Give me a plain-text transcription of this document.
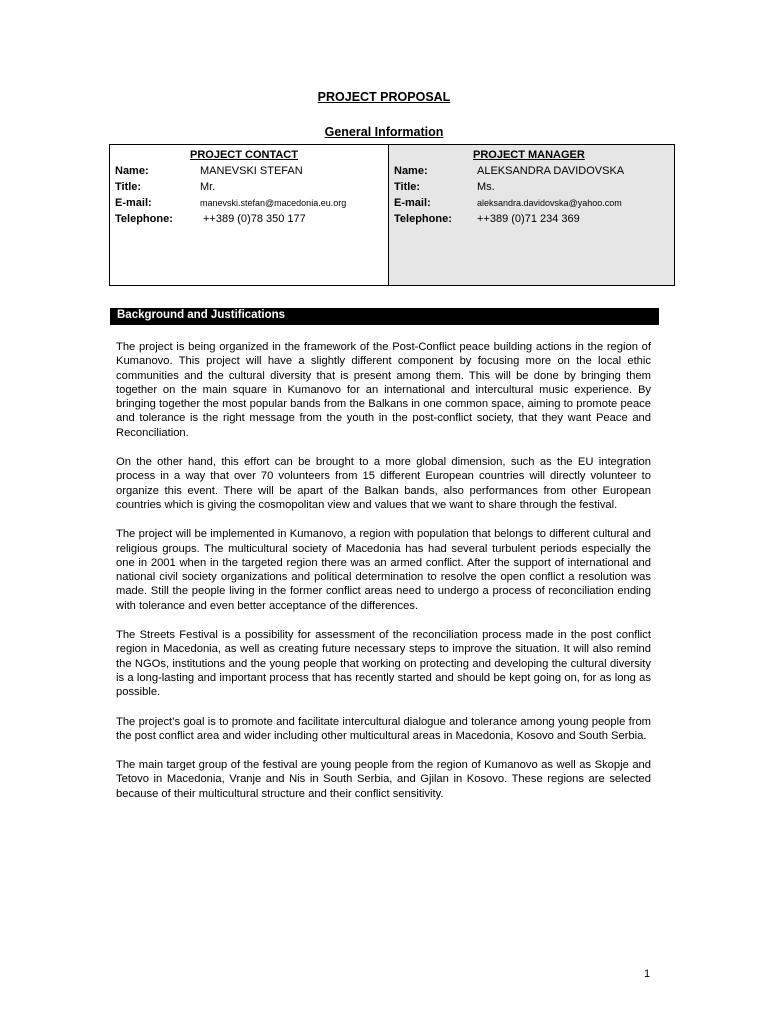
PROJECT PROPOSAL
General Information
PROJECT CONTACT
Name:	MANEVSKI STEFAN
Title:	Mr.
E-mail:	manevski.stefan@macedonia.eu.org
Telephone:	++389 (0)78 350 177
PROJECT MANAGER
Name:	ALEKSANDRA DAVIDOVSKA
Title:	Ms.
E-mail:	aleksandra.davidovska@yahoo.com
Telephone: ++389 (0)71 234 369
Background and Justifications

The project is being organized in the framework of the Post-Conflict peace building actions in the region of Kumanovo. This project will have a slightly different component by focusing more on the local ethic communities and the cultural diversity that is present among them. This will be done by bringing them together on the main square in Kumanovo for an international and intercultural music experience. By bringing together the most popular bands from the Balkans in one common space, aiming to promote peace and tolerance is the right message from the youth in the post-conflict society, that they want Peace and Reconciliation.

On the other hand, this effort can be brought to a more global dimension, such as the EU integration process in a way that over 70 volunteers from 15 different European countries will directly volunteer to organize this event. There will be apart of the Balkan bands, also performances from other European countries which is giving the cosmopolitan view and values that we want to share through the festival.

The project will be implemented in Kumanovo, a region with population that belongs to different cultural and religious groups. The multicultural society of Macedonia has had several turbulent periods especially the one in 2001 when in the targeted region there was an armed conflict. After the support of international and national civil society organizations and political determination to resolve the open conflict a resolution was made. Still the people living in the former conflict areas need to undergo a process of reconciliation ending with tolerance and even better acceptance of the differences.

The Streets Festival is a possibility for assessment of the reconciliation process made in the post conflict region in Macedonia, as well as creating future necessary steps to improve the situation. It will also remind the NGOs, institutions and the young people that working on protecting and developing the cultural diversity is a long-lasting and important process that has recently started and should be kept going on, for as long as possible.

The project’s goal is to promote and facilitate intercultural dialogue and tolerance among young people from the post conflict area and wider including other multicultural areas in Macedonia, Kosovo and South Serbia.

The main target group of the festival are young people from the region of Kumanovo as well as Skopje and Tetovo in Macedonia, Vranje and Nis in South Serbia, and Gjilan in Kosovo. These regions are selected because of their multicultural structure and their conflict sensitivity.

1
